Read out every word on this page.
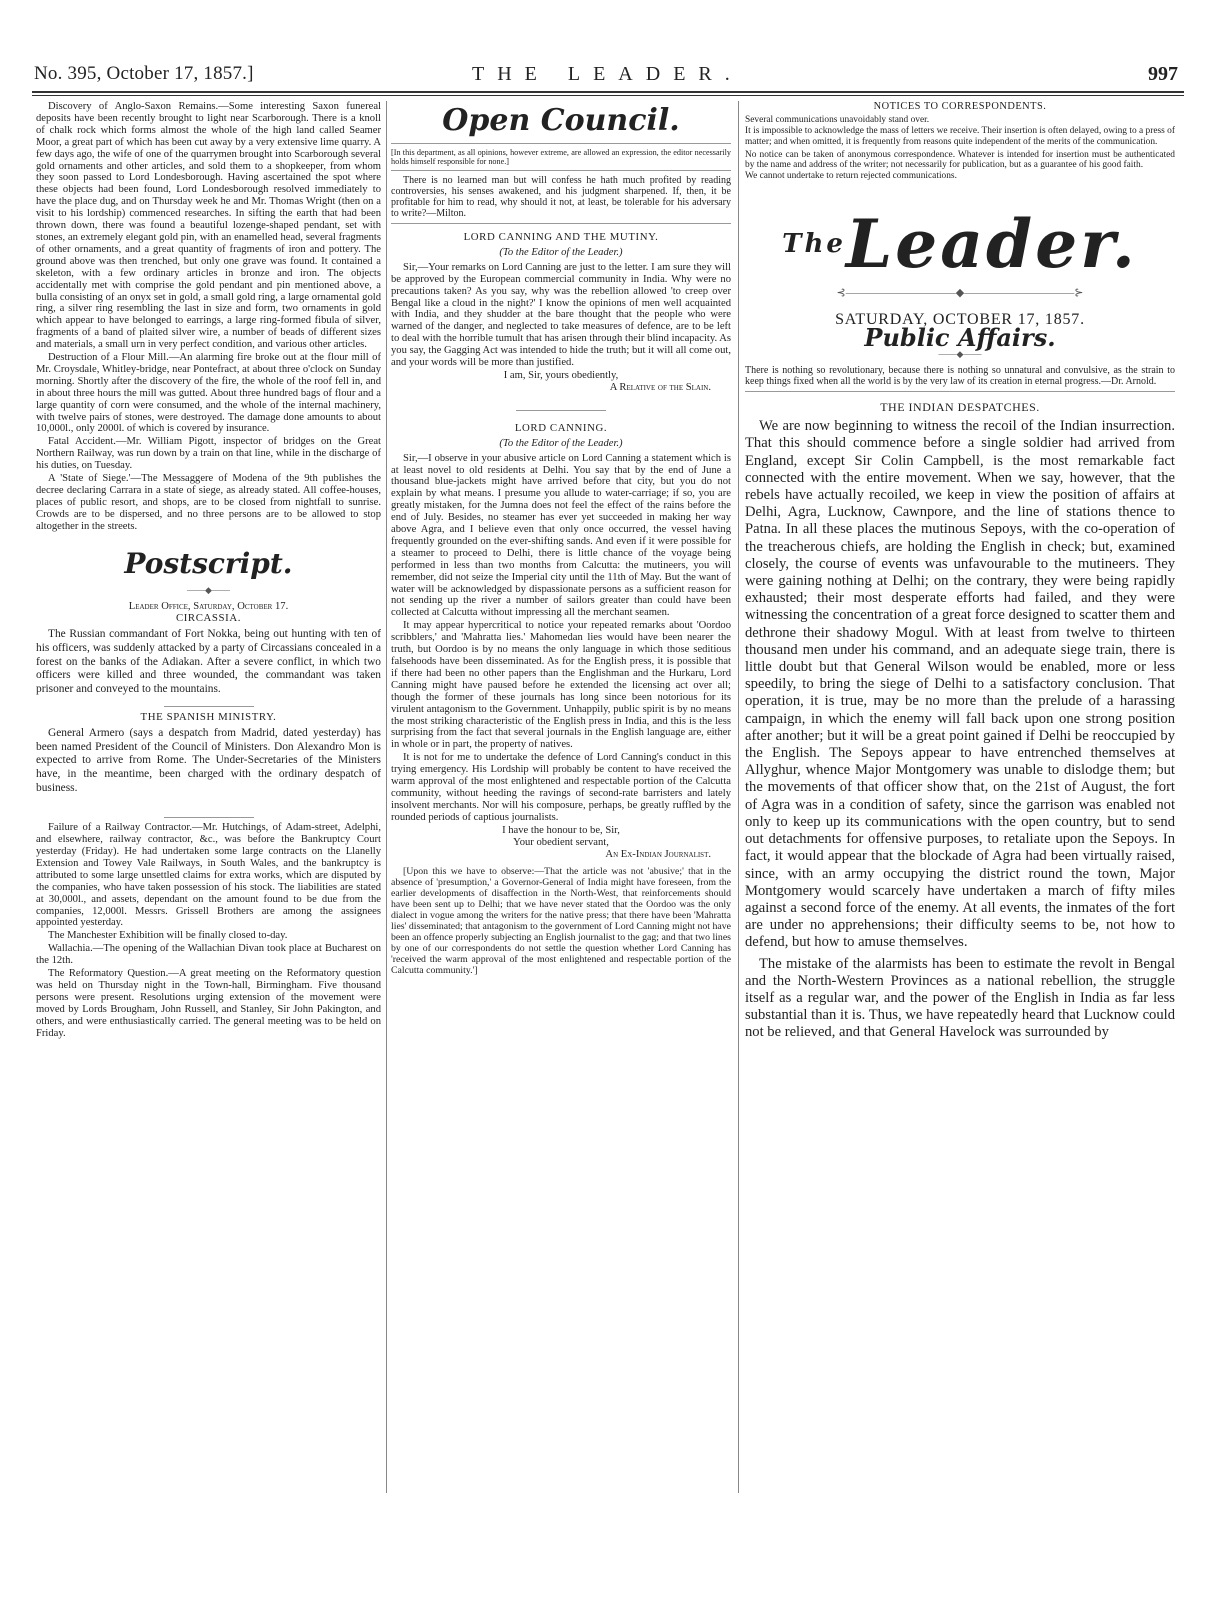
No. 395, October 17, 1857.]	THE LEADER.	997

Discovery of Anglo-Saxon Remains.—Some interesting Saxon funereal deposits have been recently brought to light near Scarborough. There is a knoll of chalk rock which forms almost the whole of the high land called Seamer Moor, a great part of which has been cut away by a very extensive lime quarry. A few days ago, the wife of one of the quarrymen brought into Scarborough several gold ornaments and other articles, and sold them to a shopkeeper, from whom they soon passed to Lord Londesborough. Having ascertained the spot where these objects had been found, Lord Londesborough resolved immediately to have the place dug, and on Thursday week he and Mr. Thomas Wright (then on a visit to his lordship) commenced researches. In sifting the earth that had been thrown down, there was found a beautiful lozenge-shaped pendant, set with stones, an extremely elegant gold pin, with an enamelled head, several fragments of other ornaments, and a great quantity of fragments of iron and pottery. The ground above was then trenched, but only one grave was found. It contained a skeleton, with a few ordinary articles in bronze and iron. The objects accidentally met with comprise the gold pendant and pin mentioned above, a bulla consisting of an onyx set in gold, a small gold ring, a large ornamental gold ring, a silver ring resembling the last in size and form, two ornaments in gold which appear to have belonged to earrings, a large ring-formed fibula of silver, fragments of a band of plaited silver wire, a number of beads of different sizes and materials, a small urn in very perfect condition, and various other articles.

Destruction of a Flour Mill.—An alarming fire broke out at the flour mill of Mr. Croysdale, Whitley-bridge, near Pontefract, at about three o'clock on Sunday morning. Shortly after the discovery of the fire, the whole of the roof fell in, and in about three hours the mill was gutted. About three hundred bags of flour and a large quantity of corn were consumed, and the whole of the internal machinery, with twelve pairs of stones, were destroyed. The damage done amounts to about 10,000l., only 2000l. of which is covered by insurance.

Fatal Accident.—Mr. William Pigott, inspector of bridges on the Great Northern Railway, was run down by a train on that line, while in the discharge of his duties, on Tuesday.

A 'State of Siege.'—The Messaggere of Modena of the 9th publishes the decree declaring Carrara in a state of siege, as already stated. All coffee-houses, places of public resort, and shops, are to be closed from nightfall to sunrise. Crowds are to be dispersed, and no three persons are to be allowed to stop altogether in the streets.

Postscript.
——◆——
Leader Office, Saturday, October 17.
CIRCASSIA.

The Russian commandant of Fort Nokka, being out hunting with ten of his officers, was suddenly attacked by a party of Circassians concealed in a forest on the banks of the Adiakan. After a severe conflict, in which two officers were killed and three wounded, the commandant was taken prisoner and conveyed to the mountains.

THE SPANISH MINISTRY.

General Armero (says a despatch from Madrid, dated yesterday) has been named President of the Council of Ministers. Don Alexandro Mon is expected to arrive from Rome. The Under-Secretaries of the Ministers have, in the meantime, been charged with the ordinary despatch of business.

Failure of a Railway Contractor.—Mr. Hutchings, of Adam-street, Adelphi, and elsewhere, railway contractor, &c., was before the Bankruptcy Court yesterday (Friday). He had undertaken some large contracts on the Llanelly Extension and Towey Vale Railways, in South Wales, and the bankruptcy is attributed to some large unsettled claims for extra works, which are disputed by the companies, who have taken possession of his stock. The liabilities are stated at 30,000l., and assets, dependant on the amount found to be due from the companies, 12,000l. Messrs. Grissell Brothers are among the assignees appointed yesterday.

The Manchester Exhibition will be finally closed to-day.

Wallachia.—The opening of the Wallachian Divan took place at Bucharest on the 12th.

The Reformatory Question.—A great meeting on the Reformatory question was held on Thursday night in the Town-hall, Birmingham. Five thousand persons were present. Resolutions urging extension of the movement were moved by Lords Brougham, John Russell, and Stanley, Sir John Pakington, and others, and were enthusiastically carried. The general meeting was to be held on Friday.

Open Council.

[In this department, as all opinions, however extreme, are allowed an expression, the editor necessarily holds himself responsible for none.]

There is no learned man but will confess he hath much profited by reading controversies, his senses awakened, and his judgment sharpened. If, then, it be profitable for him to read, why should it not, at least, be tolerable for his adversary to write?—Milton.

LORD CANNING AND THE MUTINY.
(To the Editor of the Leader.)

Sir,—Your remarks on Lord Canning are just to the letter. I am sure they will be approved by the European commercial community in India. Why were no precautions taken? As you say, why was the rebellion allowed 'to creep over Bengal like a cloud in the night?' I know the opinions of men well acquainted with India, and they shudder at the bare thought that the people who were warned of the danger, and neglected to take measures of defence, are to be left to deal with the horrible tumult that has arisen through their blind incapacity. As you say, the Gagging Act was intended to hide the truth; but it will all come out, and your words will be more than justified.

I am, Sir, yours obediently,
A Relative of the Slain.
LORD CANNING.
(To the Editor of the Leader.)

Sir,—I observe in your abusive article on Lord Canning a statement which is at least novel to old residents at Delhi. You say that by the end of June a thousand blue-jackets might have arrived before that city, but you do not explain by what means. I presume you allude to water-carriage; if so, you are greatly mistaken, for the Jumna does not feel the effect of the rains before the end of July. Besides, no steamer has ever yet succeeded in making her way above Agra, and I believe even that only once occurred, the vessel having frequently grounded on the ever-shifting sands. And even if it were possible for a steamer to proceed to Delhi, there is little chance of the voyage being performed in less than two months from Calcutta: the mutineers, you will remember, did not seize the Imperial city until the 11th of May. But the want of water will be acknowledged by dispassionate persons as a sufficient reason for not sending up the river a number of sailors greater than could have been collected at Calcutta without impressing all the merchant seamen.

It may appear hypercritical to notice your repeated remarks about 'Oordoo scribblers,' and 'Mahratta lies.' Mahomedan lies would have been nearer the truth, but Oordoo is by no means the only language in which those seditious falsehoods have been disseminated. As for the English press, it is possible that if there had been no other papers than the Englishman and the Hurkaru, Lord Canning might have paused before he extended the licensing act over all; though the former of these journals has long since been notorious for its virulent antagonism to the Government. Unhappily, public spirit is by no means the most striking characteristic of the English press in India, and this is the less surprising from the fact that several journals in the English language are, either in whole or in part, the property of natives.

It is not for me to undertake the defence of Lord Canning's conduct in this trying emergency. His Lordship will probably be content to have received the warm approval of the most enlightened and respectable portion of the Calcutta community, without heeding the ravings of second-rate barristers and lately insolvent merchants. Nor will his composure, perhaps, be greatly ruffled by the rounded periods of captious journalists.

I have the honour to be, Sir,
Your obedient servant,
An Ex-Indian Journalist.

[Upon this we have to observe:—That the article was not 'abusive;' that in the absence of 'presumption,' a Governor-General of India might have foreseen, from the earlier developments of disaffection in the North-West, that reinforcements should have been sent up to Delhi; that we have never stated that the Oordoo was the only dialect in vogue among the writers for the native press; that there have been 'Mahratta lies' disseminated; that antagonism to the government of Lord Canning might not have been an offence properly subjecting an English journalist to the gag; and that two lines by one of our correspondents do not settle the question whether Lord Canning has 'received the warm approval of the most enlightened and respectable portion of the Calcutta community.']

NOTICES TO CORRESPONDENTS.

Several communications unavoidably stand over.

It is impossible to acknowledge the mass of letters we receive. Their insertion is often delayed, owing to a press of matter; and when omitted, it is frequently from reasons quite independent of the merits of the communication.

No notice can be taken of anonymous correspondence. Whatever is intended for insertion must be authenticated by the name and address of the writer; not necessarily for publication, but as a guarantee of his good faith.

We cannot undertake to return rejected communications.

$^{The}$Leader.
⊰——————————◆——————————⊱
SATURDAY, OCTOBER 17, 1857.
Public Affairs.
——◆——

There is nothing so revolutionary, because there is nothing so unnatural and convulsive, as the strain to keep things fixed when all the world is by the very law of its creation in eternal progress.—Dr. Arnold.

THE INDIAN DESPATCHES.

We are now beginning to witness the recoil of the Indian insurrection. That this should commence before a single soldier had arrived from England, except Sir Colin Campbell, is the most remarkable fact connected with the entire movement. When we say, however, that the rebels have actually recoiled, we keep in view the position of affairs at Delhi, Agra, Lucknow, Cawnpore, and the line of stations thence to Patna. In all these places the mutinous Sepoys, with the co-operation of the treacherous chiefs, are holding the English in check; but, examined closely, the course of events was unfavourable to the mutineers. They were gaining nothing at Delhi; on the contrary, they were being rapidly exhausted; their most desperate efforts had failed, and they were witnessing the concentration of a great force designed to scatter them and dethrone their shadowy Mogul. With at least from twelve to thirteen thousand men under his command, and an adequate siege train, there is little doubt but that General Wilson would be enabled, more or less speedily, to bring the siege of Delhi to a satisfactory conclusion. That operation, it is true, may be no more than the prelude of a harassing campaign, in which the enemy will fall back upon one strong position after another; but it will be a great point gained if Delhi be reoccupied by the English. The Sepoys appear to have entrenched themselves at Allyghur, whence Major Montgomery was unable to dislodge them; but the movements of that officer show that, on the 21st of August, the fort of Agra was in a condition of safety, since the garrison was enabled not only to keep up its communications with the open country, but to send out detachments for offensive purposes, to retaliate upon the Sepoys. In fact, it would appear that the blockade of Agra had been virtually raised, since, with an army occupying the district round the town, Major Montgomery would scarcely have undertaken a march of fifty miles against a second force of the enemy. At all events, the inmates of the fort are under no apprehensions; their difficulty seems to be, not how to defend, but how to amuse themselves.

The mistake of the alarmists has been to estimate the revolt in Bengal and the North-Western Provinces as a national rebellion, the struggle itself as a regular war, and the power of the English in India as far less substantial than it is. Thus, we have repeatedly heard that Lucknow could not be relieved, and that General Havelock was surrounded by
